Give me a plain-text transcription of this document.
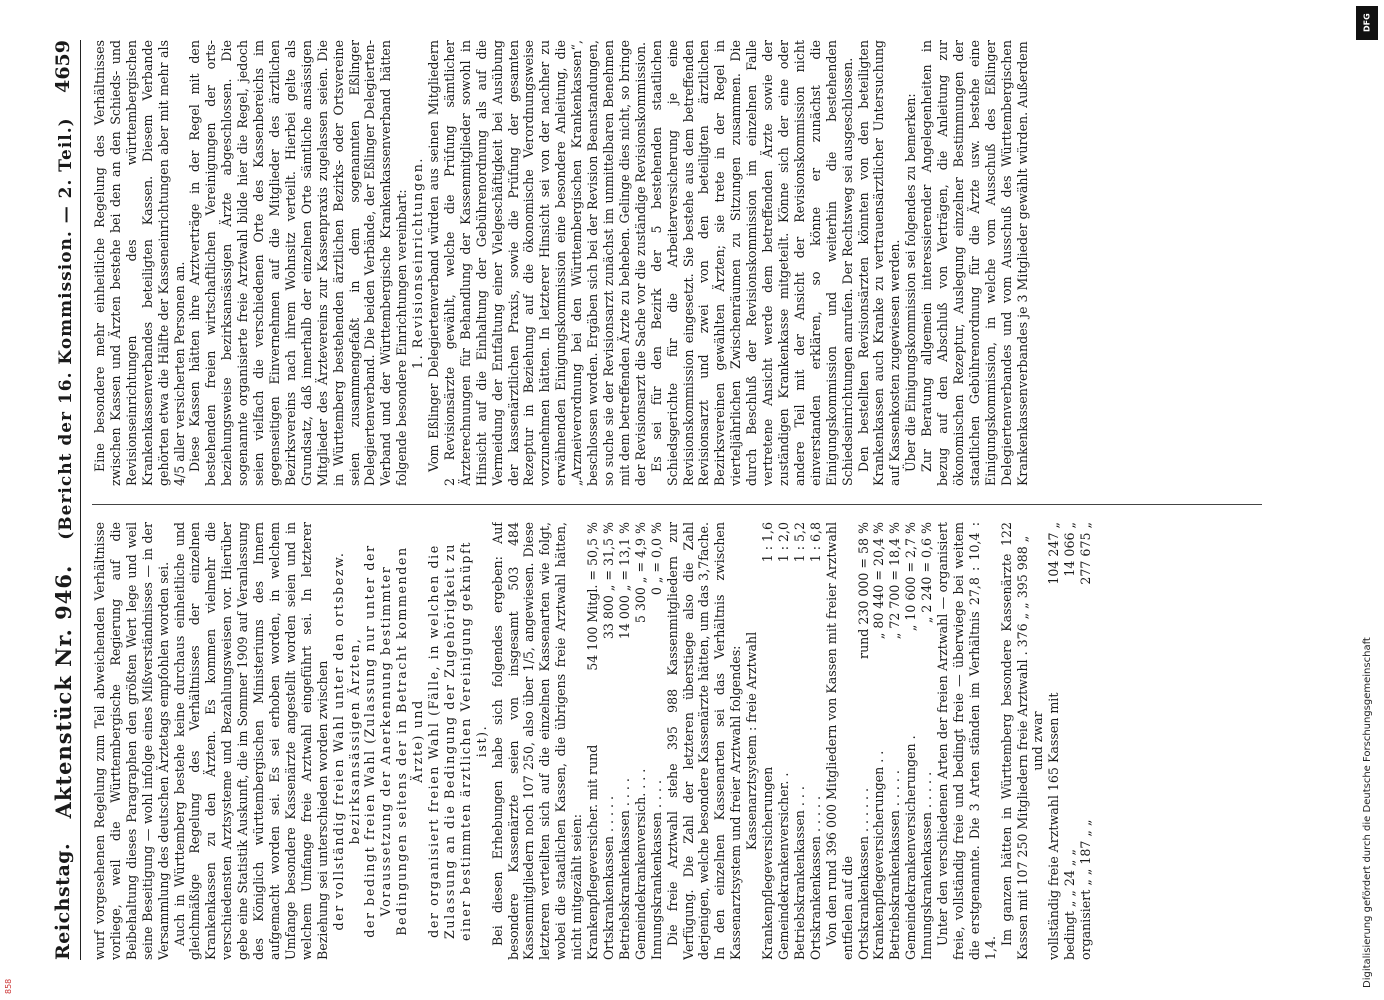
Reichstag.
Aktenstück Nr. 946.   (Bericht der 16. Kommission. — 2. Teil.)
4659

wurf vorgesehenen Regelung zum Teil abweichenden Verhältnisse vorliege, weil die Württembergische Regierung auf die Beibehaltung dieses Paragraphen den größten Wert lege und weil seine Beseitigung — wohl infolge eines Mißverständnisses — in der Versammlung des deutschen Ärztetags empfohlen worden sei. Auch in Württemberg bestehe keine durchaus einheitliche und gleichmäßige Regelung des Verhältnisses der einzelnen Krankenkassen zu den Ärzten. Es kommen vielmehr die verschiedensten Arztsysteme und Bezahlungsweisen vor. Hierüber gebe eine Statistik Auskunft, die im Sommer 1909 auf Veranlassung des Königlich württembergischen Ministeriums des Innern aufgemacht worden sei. Es sei erhoben worden, in welchem Umfange besondere Kassenärzte angestellt worden seien und in welchem Umfange freie Arztwahl eingeführt sei. In letzterer Beziehung sei unterschieden worden zwischen der vollständig freien Wahl unter den ortsbezw. bezirksansässigen Ärzten, der bedingt freien Wahl (Zulassung nur unter der Voraussetzung der Anerkennung bestimmter Bedingungen seitens der in Betracht kommenden Ärzte) und der organisiert freien Wahl (Fälle, in welchen die Zulassung an die Bedingung der Zugehörigkeit zu einer bestimmten ärztlichen Vereinigung geknüpft ist). Bei diesen Erhebungen habe sich folgendes ergeben: Auf besondere Kassenärzte seien von insgesamt 503 484 Kassenmitgliedern noch 107 250, also über 1/5, angewiesen. Diese letzteren verteilten sich auf die einzelnen Kassenarten wie folgt, wobei die staatlichen Kassen, die übrigens freie Arztwahl hätten, nicht mitgezählt seien: Krankenpflegeversicher. mit rund	54 100 Mitgl. = 50,5 %
Ortskrankenkassen . . . . .	33 800 „ = 31,5 %
Betriebskrankenkassen . . . .	14 000 „ = 13,1 %
Gemeindekrankenversich. . . .	5 300 „ = 4,9 %
Innungskrankenkassen . . . .	0 „ = 0,0 % Die freie Arztwahl stehe 395 988 Kassenmitgliedern zur Verfügung. Die Zahl der letzteren überstiege also die Zahl derjenigen, welche besondere Kassenärzte hätten, um das 3,7fache. In den einzelnen Kassenarten sei das Verhältnis zwischen Kassenarztsystem und freier Arztwahl folgendes: Kassenarztsystem : freie Arztwahl

Krankenpflegeversicherungen	1 : 1,6
Gemeindekrankenversicher. .	1 : 2,0
Betriebskrankenkassen . . .	1 : 5,2
Ortskrankenkassen . . . . .	1 : 6,8 Von den rund 396 000 Mitgliedern von Kassen mit freier Arztwahl entfielen auf die Ortskrankenkassen . . . . . .	rund 230 000 = 58 %
Krankenpflegeversicherungen . .	„ 80 440 = 20,4 %
Betriebskrankenkassen . . . . .	„ 72 700 = 18,4 %
Gemeindekrankenversicherungen .	„ 10 600 = 2,7 %
Innungskrankenkassen . . . . .	„ 2 240 = 0,6 % Unter den verschiedenen Arten der freien Arztwahl — organisiert freie, vollständig freie und bedingt freie — überwiege bei weitem die erstgenannte. Die 3 Arten ständen im Verhältnis 27,8 : 10,4 : 1,4.

Im ganzen hätten in Württemberg besondere Kassenärzte 122 Kassen mit 107 250 Mitgliedern freie Arztwahl . 376 „ „ 395 988 „ und zwar vollständig freie Arztwahl 165 Kassen mit	104 247 „
bedingt „ „ 24 „ „	14 066 „
organisiert „ „ 187 „ „	277 675 „

Eine besondere mehr einheitliche Regelung des Verhältnisses zwischen Kassen und Ärzten bestehe bei den an den Schieds- und Revisionseinrichtungen des württembergischen Krankenkassenverbandes beteiligten Kassen. Diesem Verbande gehörten etwa die Hälfte der Kasseneinrichtungen aber mit mehr als 4/5 aller versicherten Personen an. Diese Kassen hätten ihre Arztverträge in der Regel mit den bestehenden freien wirtschaftlichen Vereinigungen der orts- beziehungsweise bezirksansässigen Ärzte abgeschlossen. Die sogenannte organisierte freie Arztwahl bilde hier die Regel, jedoch seien vielfach die verschiedenen Orte des Kassenbereichs im gegenseitigen Einvernehmen auf die Mitglieder des ärztlichen Bezirksvereins nach ihrem Wohnsitz verteilt. Hierbei gelte als Grundsatz, daß innerhalb der einzelnen Orte sämtliche ansässigen Mitglieder des Ärztevereins zur Kassenpraxis zugelassen seien. Die in Württemberg bestehenden ärztlichen Bezirks- oder Ortsvereine seien zusammengefaßt in dem sogenannten Eßlinger Delegiertenverband. Die beiden Verbände, der Eßlinger Delegierten-Verband und der Württembergische Krankenkassenverband hätten folgende besondere Einrichtungen vereinbart: 1. Revisionseinrichtungen. Vom Eßlinger Delegiertenverband würden aus seinen Mitgliedern 2 Revisionsärzte gewählt, welche die Prüfung sämtlicher Ärzterechnungen für Behandlung der Kassenmitglieder sowohl in Hinsicht auf die Einhaltung der Gebührenordnung als auf die Vermeidung der Entfaltung einer Vielgeschäftigkeit bei Ausübung der kassenärztlichen Praxis, sowie die Prüfung der gesamten Rezeptur in Beziehung auf die ökonomische Verordnungsweise vorzunehmen hätten. In letzterer Hinsicht sei von der nachher zu erwähnenden Einigungskommission eine besondere Anleitung, die „Arzneiverordnung bei den Württembergischen Krankenkassen“, beschlossen worden. Ergäben sich bei der Revision Beanstandungen, so suche sie der Revisionsarzt zunächst im unmittelbaren Benehmen mit dem betreffenden Ärzte zu beheben. Gelinge dies nicht, so bringe der Revisionsarzt die Sache vor die zuständige Revisionskommission. Es sei für den Bezirk der 5 bestehenden staatlichen Schiedsgerichte für die Arbeiterversicherung je eine Revisionskommission eingesetzt. Sie bestehe aus dem betreffenden Revisionsarzt und zwei von den beteiligten ärztlichen Bezirksvereinen gewählten Ärzten; sie trete in der Regel in vierteljährlichen Zwischenräumen zu Sitzungen zusammen. Die durch Beschluß der Revisionskommission im einzelnen Falle vertretene Ansicht werde dem betreffenden Ärzte sowie der zuständigen Krankenkasse mitgeteilt. Könne sich der eine oder andere Teil mit der Ansicht der Revisionskommission nicht einverstanden erklären, so könne er zunächst die Einigungskommission und weiterhin die bestehenden Schiedseinrichtungen anrufen. Der Rechtsweg sei ausgeschlossen. Den bestellten Revisionsärzten könnten von den beteiligten Krankenkassen auch Kranke zu vertrauensärztlicher Untersuchung auf Kassenkosten zugewiesen werden. Über die Einigungskommission sei folgendes zu bemerken: Zur Beratung allgemein interessierender Angelegenheiten in bezug auf den Abschluß von Verträgen, die Anleitung zur ökonomischen Rezeptur, Auslegung einzelner Bestimmungen der staatlichen Gebührenordnung für die Ärzte usw. bestehe eine Einigungskommission, in welche vom Ausschuß des Eßlinger Delegiertenverbandes und vom Ausschuß des Württembergischen Krankenkassenverbandes je 3 Mitglieder gewählt würden. Außerdem

DFG
Digitalisierung gefördert durch die Deutsche Forschungsgemeinschaft
858
